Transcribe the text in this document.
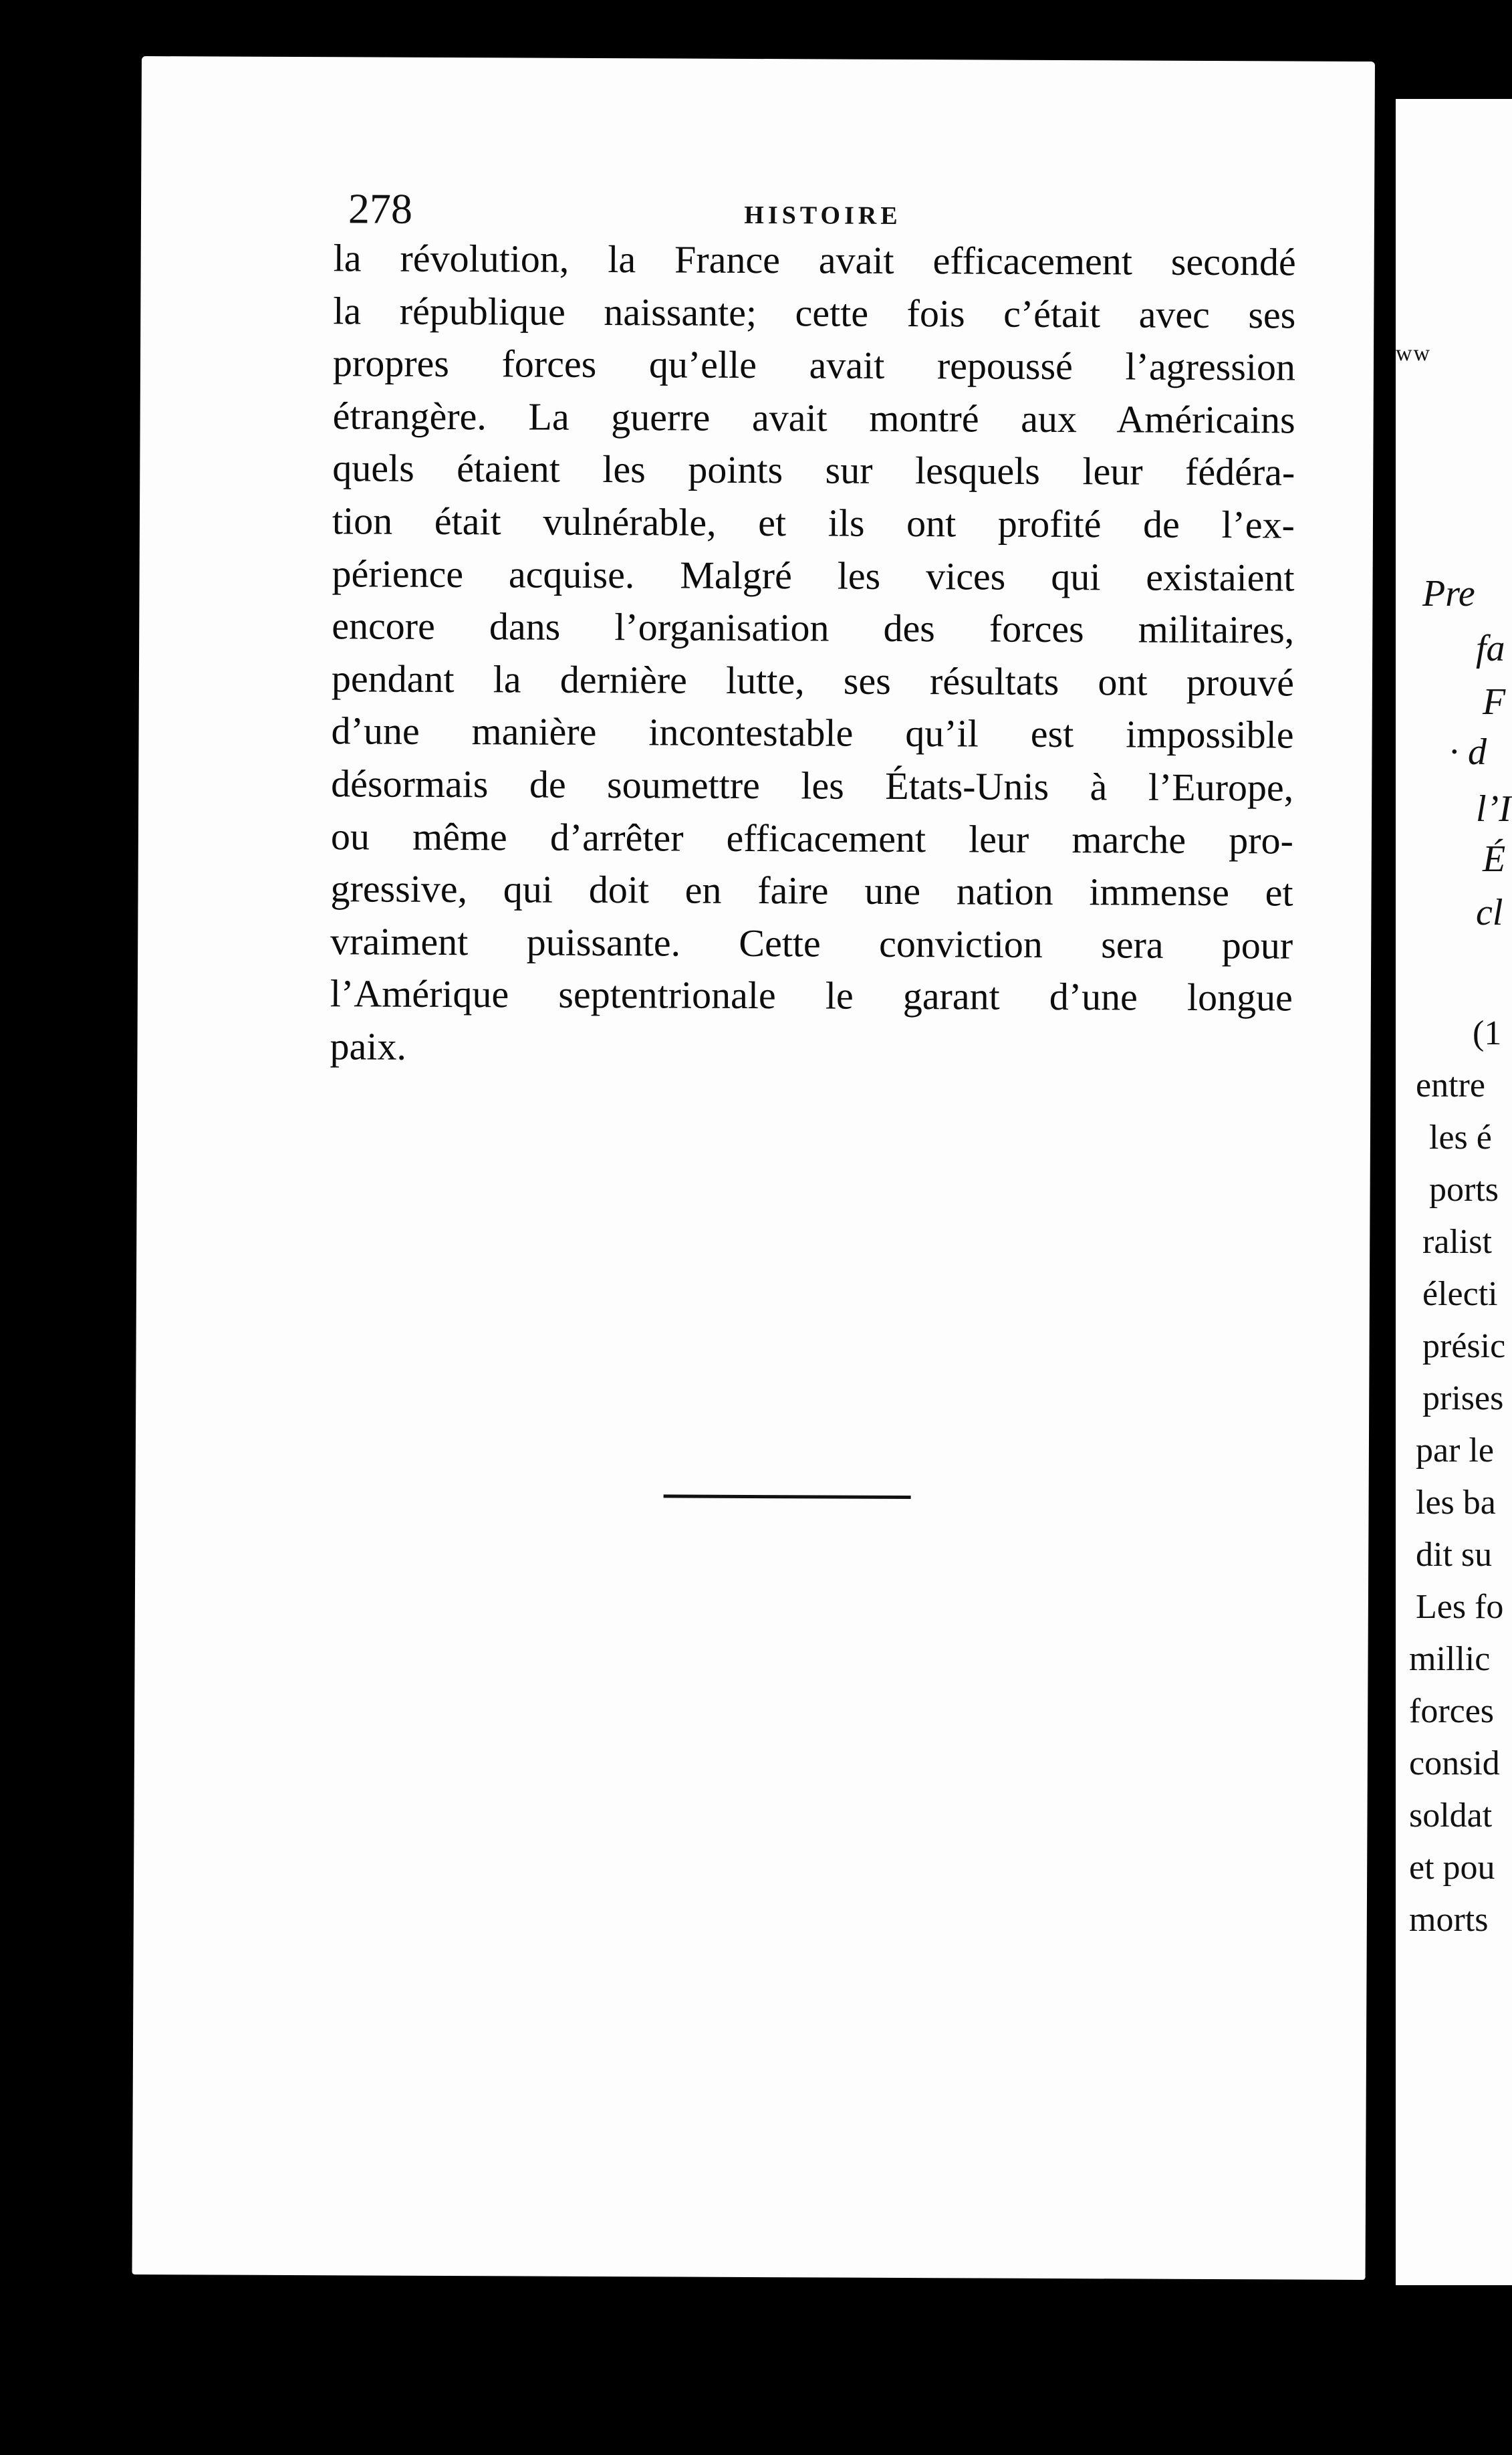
278	HISTOIRE
la révolution, la France avait efficacement secondé
la république naissante; cette fois c’était avec ses
propres forces qu’elle avait repoussé l’agression
étrangère. La guerre avait montré aux Américains
quels étaient les points sur lesquels leur fédéra-
tion était vulnérable, et ils ont profité de l’ex-
périence acquise. Malgré les vices qui existaient
encore dans l’organisation des forces militaires,
pendant la dernière lutte, ses résultats ont prouvé
d’une manière incontestable qu’il est impossible
désormais de soumettre les États-Unis à l’Europe,
ou même d’arrêter efficacement leur marche pro-
gressive, qui doit en faire une nation immense et
vraiment puissante. Cette conviction sera pour
l’Amérique septentrionale le garant d’une longue
paix.
ww
Pre
fa
F
· d
l’I
É
cl
(1
entre
les é
ports
ralist
électi
présic
prises
par le
les ba
dit su
Les fo
millic
forces
consid
soldat
et pou
morts
